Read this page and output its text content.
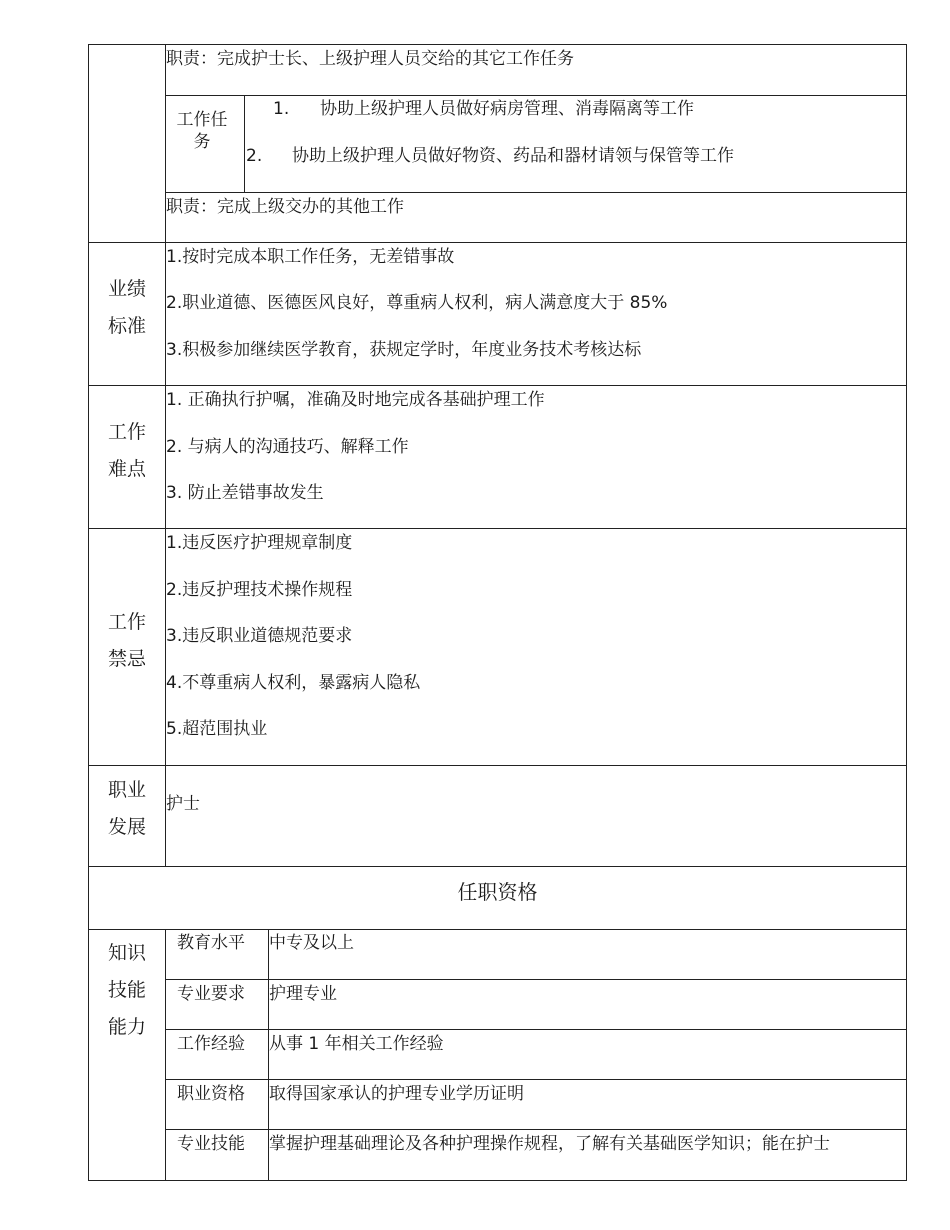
职责：完成护士长、上级护理人员交给的其它工作任务
工作任务
1. 协助上级护理人员做好病房管理、消毒隔离等工作
2. 协助上级护理人员做好物资、药品和器材请领与保管等工作
职责：完成上级交办的其他工作
业绩
标准
1.按时完成本职工作任务，无差错事故
2.职业道德、医德医风良好，尊重病人权利，病人满意度大于 85%
3.积极参加继续医学教育，获规定学时，年度业务技术考核达标
工作
难点
1. 正确执行护嘱，准确及时地完成各基础护理工作
2. 与病人的沟通技巧、解释工作
3. 防止差错事故发生
工作
禁忌
1.违反医疗护理规章制度
2.违反护理技术操作规程
3.违反职业道德规范要求
4.不尊重病人权利，暴露病人隐私
5.超范围执业
职业
发展
护士
任职资格
知识
技能
能力
教育水平 中专及以上
专业要求 护理专业
工作经验 从事 1 年相关工作经验
职业资格 取得国家承认的护理专业学历证明
专业技能 掌握护理基础理论及各种护理操作规程，了解有关基础医学知识；能在护士
